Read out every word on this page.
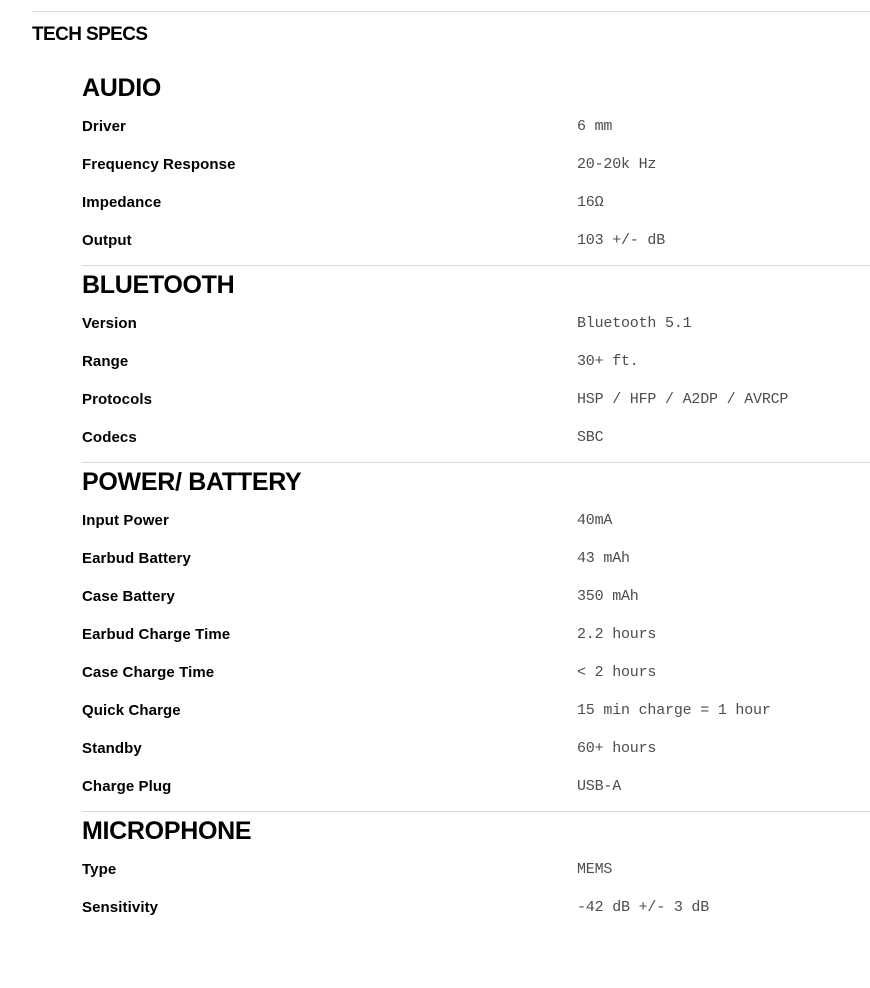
TECH SPECS
AUDIO
Driver	6 mm
Frequency Response	20-20k Hz
Impedance	16Ω
Output	103 +/- dB
BLUETOOTH
Version	Bluetooth 5.1
Range	30+ ft.
Protocols	HSP / HFP / A2DP / AVRCP
Codecs	SBC
POWER/ BATTERY
Input Power	40mA
Earbud Battery	43 mAh
Case Battery	350 mAh
Earbud Charge Time	2.2 hours
Case Charge Time	< 2 hours
Quick Charge	15 min charge = 1 hour
Standby	60+ hours
Charge Plug	USB-A
MICROPHONE
Type	MEMS
Sensitivity	-42 dB +/- 3 dB
